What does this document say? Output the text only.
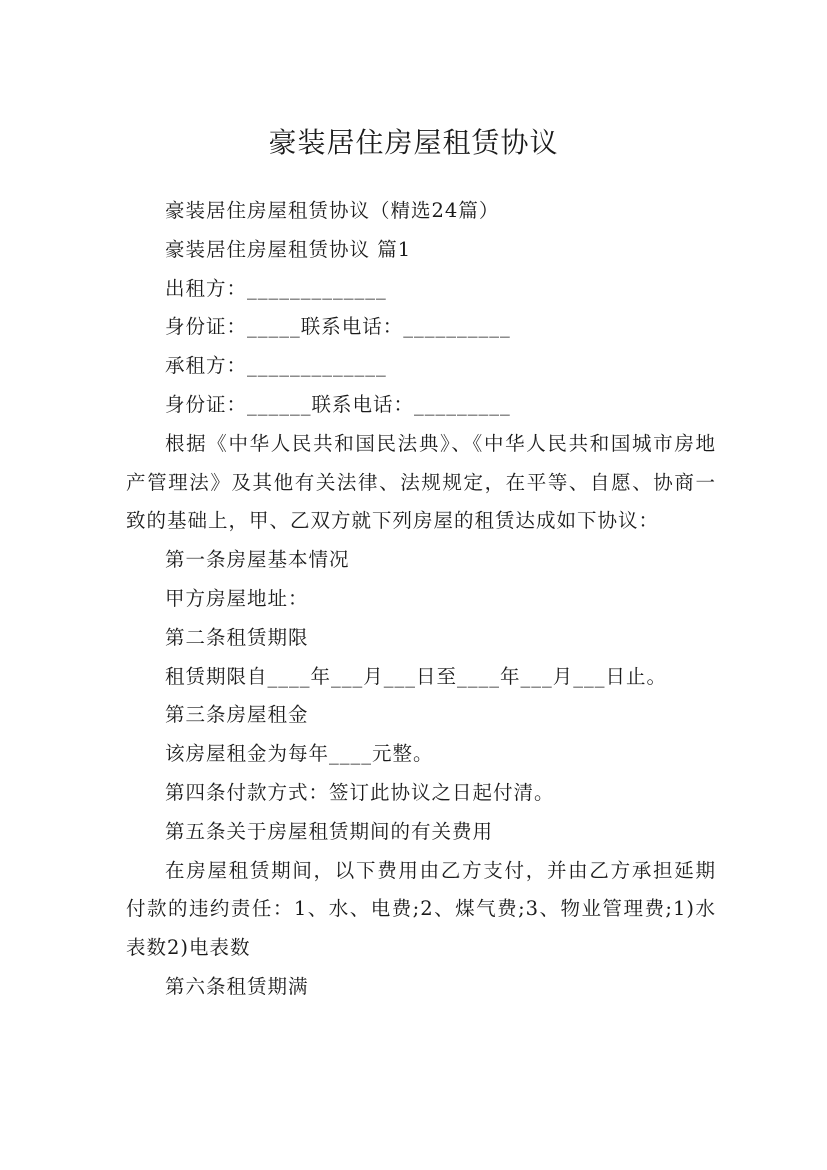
豪装居住房屋租赁协议

豪装居住房屋租赁协议（精选24篇）

豪装居住房屋租赁协议 篇1

出租方：_____________

身份证：_____联系电话：__________

承租方：_____________

身份证：______联系电话：_________

根据《中华人民共和国民法典》、《中华人民共和国城市房地产管理法》及其他有关法律、法规规定，在平等、自愿、协商一致的基础上，甲、乙双方就下列房屋的租赁达成如下协议：

第一条房屋基本情况

甲方房屋地址：

第二条租赁期限

租赁期限自____年___月___日至____年___月___日止。

第三条房屋租金

该房屋租金为每年____元整。

第四条付款方式：签订此协议之日起付清。

第五条关于房屋租赁期间的有关费用

在房屋租赁期间，以下费用由乙方支付，并由乙方承担延期付款的违约责任：1、水、电费;2、煤气费;3、物业管理费;1)水表数2)电表数

第六条租赁期满
